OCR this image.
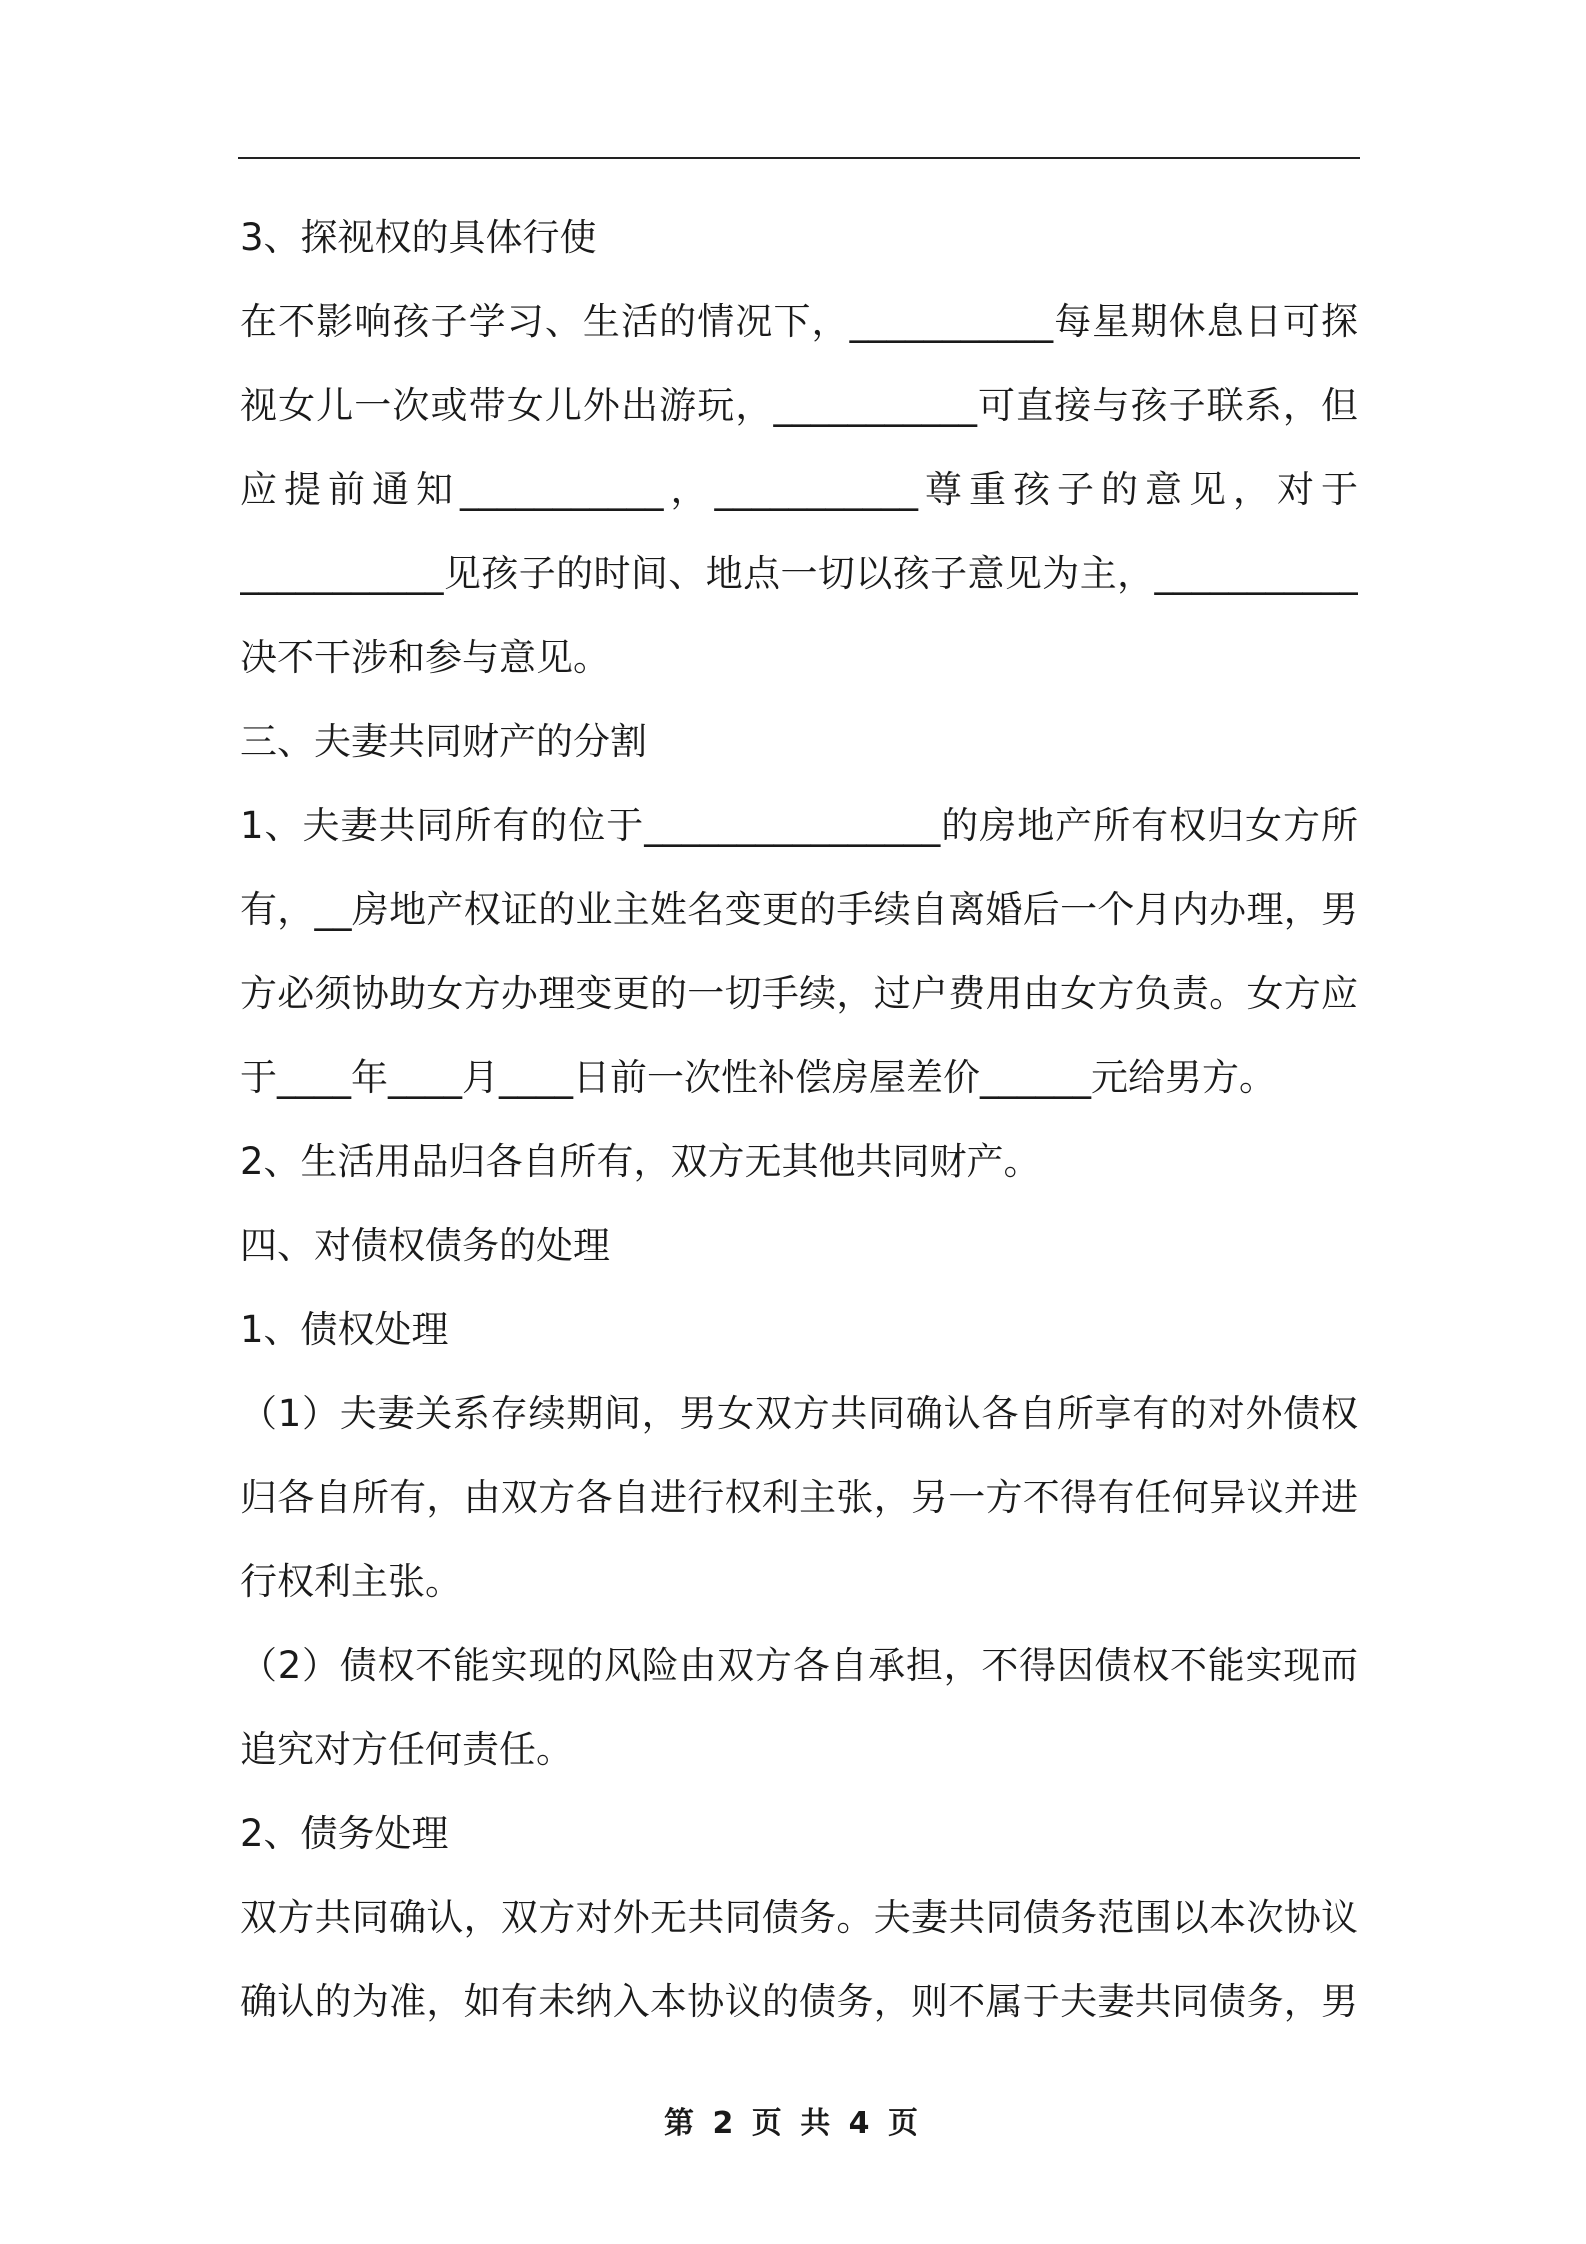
3、探视权的具体行使
在不影响孩子学习、生活的情况下，___________每星期休息日可探
视女儿一次或带女儿外出游玩，___________可直接与孩子联系，但
应提前通知___________，___________尊重孩子的意见，对于
___________见孩子的时间、地点一切以孩子意见为主，___________
决不干涉和参与意见。
三、夫妻共同财产的分割
1、夫妻共同所有的位于________________的房地产所有权归女方所
有，__房地产权证的业主姓名变更的手续自离婚后一个月内办理，男
方必须协助女方办理变更的一切手续，过户费用由女方负责。女方应
于____年____月____日前一次性补偿房屋差价______元给男方。
2、生活用品归各自所有，双方无其他共同财产。
四、对债权债务的处理
1、债权处理
（1）夫妻关系存续期间，男女双方共同确认各自所享有的对外债权
归各自所有，由双方各自进行权利主张，另一方不得有任何异议并进
行权利主张。
（2）债权不能实现的风险由双方各自承担，不得因债权不能实现而
追究对方任何责任。
2、债务处理
双方共同确认，双方对外无共同债务。夫妻共同债务范围以本次协议
确认的为准，如有未纳入本协议的债务，则不属于夫妻共同债务，男
第 2 页 共 4 页
